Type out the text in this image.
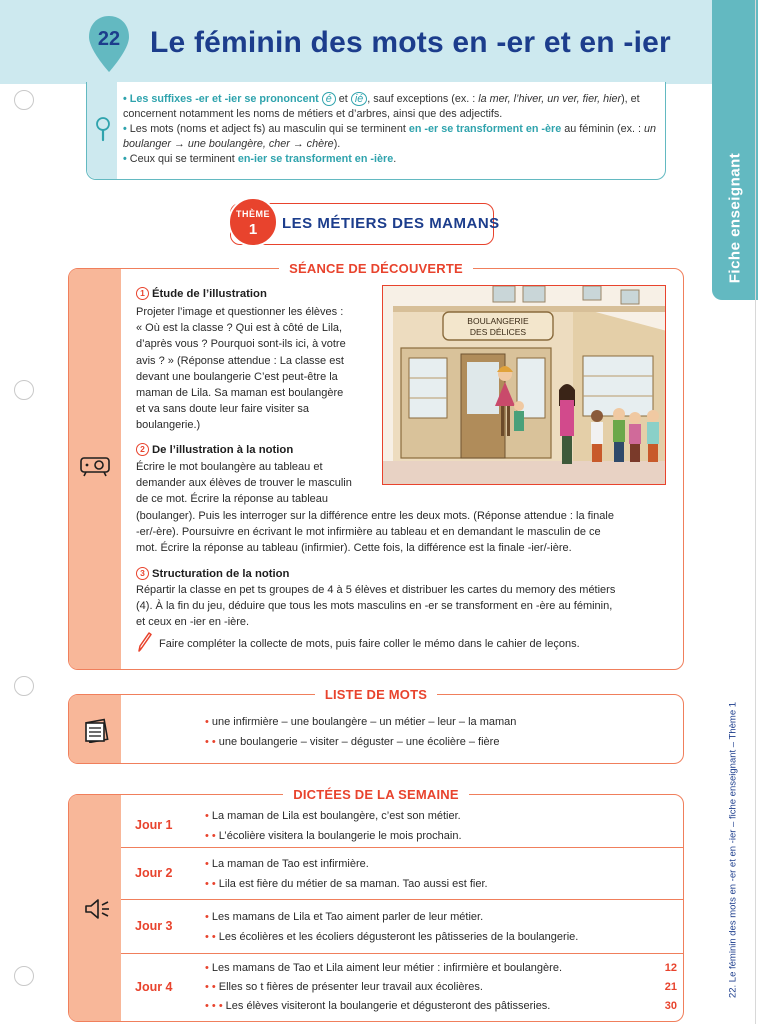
22 Le féminin des mots en -er et en -ier
Fiche enseignant
22. Le féminin des mots en -er et en -ier – fiche enseignant – Thème 1

• Les suffixes -er et -ier se prononcent é et ié , sauf exceptions (ex. : la mer, l’hiver, un ver, fier, hier), et concernent notamment les noms de métiers et d’arbres, ainsi que des adjectifs.

• Les mots (noms et adject fs) au masculin qui se terminent en -er se transforment en -ère au féminin (ex. : un boulanger → une boulangère, cher → chère).

• Ceux qui se terminent en-ier se transforment en -ière.

THÈME
1	LES MÉTIERS DES MAMANS
SÉANCE DE DÉCOUVERTE
1 Étude de l’illustration
Projeter l’image et questionner les élèves :
« Où est la classe ? Qui est à côté de Lila,
d’après vous ? Pourquoi sont-ils ici, à votre
avis ? » (Réponse attendue : La classe est
devant une boulangerie C’est peut-être la
maman de Lila. Sa maman est boulangère
et va sans doute leur faire visiter sa
boulangerie.)
BOULANGERIE
DES DÉLICES
2 De l’illustration à la notion
Écrire le mot boulangère au tableau et
demander aux élèves de trouver le masculin
de ce mot. Écrire la réponse au tableau
(boulanger). Puis les interroger sur la différence entre les deux mots. (Réponse attendue : la finale
-er/-ère). Poursuivre en écrivant le mot infirmière au tableau et en demandant le masculin de ce
mot. Écrire la réponse au tableau (infirmier). Cette fois, la différence est la finale -ier/-ière.
3 Structuration de la notion
Répartir la classe en pet ts groupes de 4 à 5 élèves et distribuer les cartes du memory des métiers
(4). À la fin du jeu, déduire que tous les mots masculins en -er se transforment en -ère au féminin,
et ceux en -ier en -ière.
Faire compléter la collecte de mots, puis faire coller le mémo dans le cahier de leçons.
LISTE DE MOTS
• une infirmière – une boulangère – un métier – leur – la maman
• • une boulangerie – visiter – déguster – une écolière – fière
DICTÉES DE LA SEMAINE
Jour 1
• La maman de Lila est boulangère, c’est son métier.
• • L’écolière visitera la boulangerie le mois prochain.
Jour 2
• La maman de Tao est infirmière.
• • Lila est fière du métier de sa maman. Tao aussi est fier.
Jour 3
• Les mamans de Lila et Tao aiment parler de leur métier.
• • Les écolières et les écoliers dégusteront les pâtisseries de la boulangerie.
Jour 4
• Les mamans de Tao et Lila aiment leur métier : infirmière et boulangère.	12
• • Elles so t fières de présenter leur travail aux écolières.	21
• • • Les élèves visiteront la boulangerie et dégusteront des pâtisseries.	30
